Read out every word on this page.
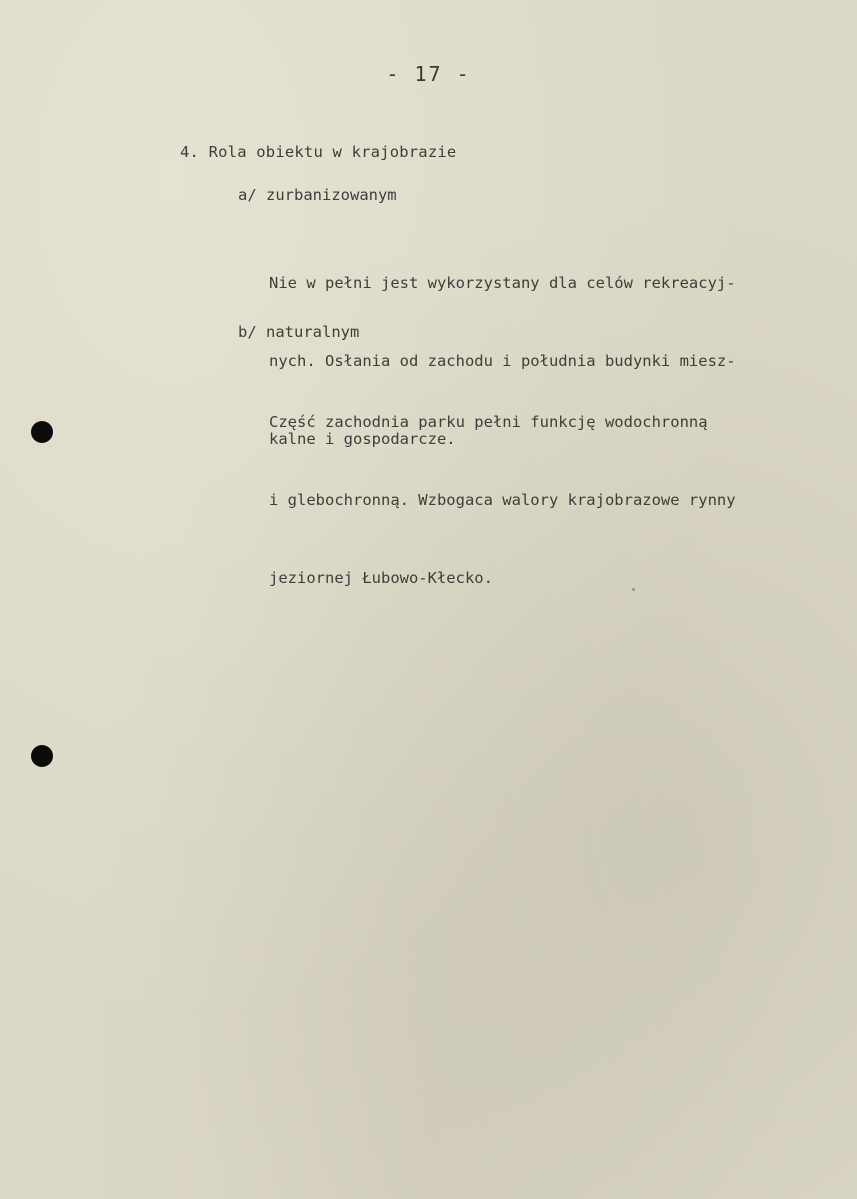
- 17 -
4. Rola obiektu w krajobrazie
a/ zurbanizowanym

Nie w pełni jest wykorzystany dla celów rekreacyj-

nych. Osłania od zachodu i południa budynki miesz-

kalne i gospodarcze.

b/ naturalnym

Część zachodnia parku pełni funkcję wodochronną

i glebochronną. Wzbogaca walory krajobrazowe rynny

jeziornej Łubowo-Kłecko.
